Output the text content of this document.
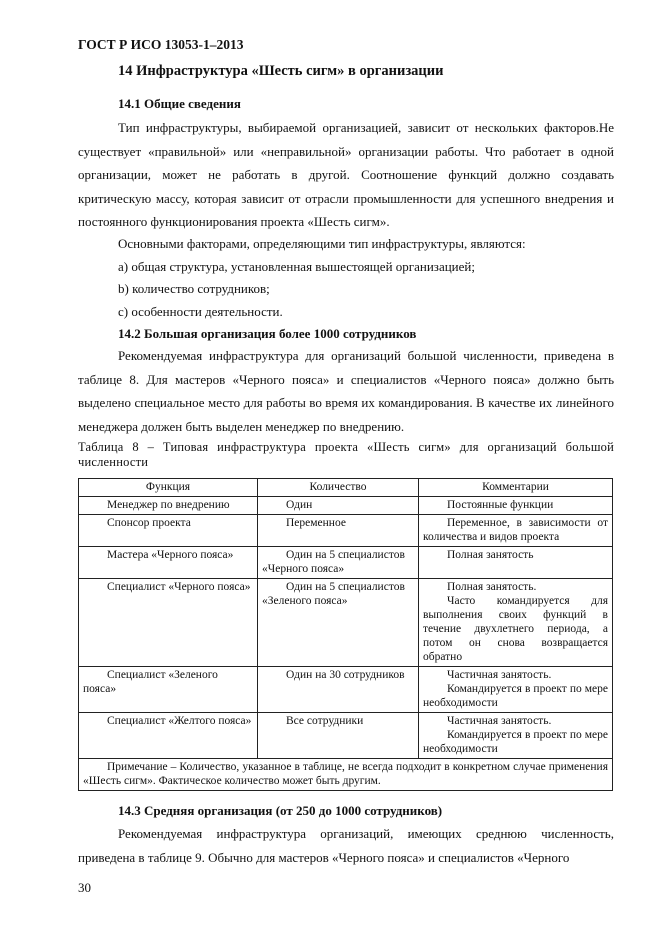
ГОСТ Р ИСО 13053-1–2013
14 Инфраструктура «Шесть сигм» в организации
14.1 Общие сведения
Тип инфраструктуры, выбираемой организацией, зависит от нескольких факторов.Не существует «правильной» или «неправильной» организации работы. Что работает в одной организации, может не работать в другой. Соотношение функций должно создавать критическую массу, которая зависит от отрасли промышленности для успешного внедрения и постоянного функционирования проекта «Шесть сигм».
Основными факторами, определяющими тип инфраструктуры, являются:
а) общая структура, установленная вышестоящей организацией;
b) количество сотрудников;
с) особенности деятельности.
14.2 Большая организация более 1000 сотрудников
Рекомендуемая инфраструктура для организаций большой численности, приведена в таблице 8. Для мастеров «Черного пояса» и специалистов «Черного пояса» должно быть выделено специальное место для работы во время их командирования. В качестве их линейного менеджера должен быть выделен менеджер по внедрению.
Таблица 8 – Типовая инфраструктура проекта «Шесть сигм» для организаций большой численности
Функция	Количество	Комментарии
Менеджер по внедрению	Один	Постоянные функции

Спонсор проекта	Переменное	Переменное, в зависимости от количества и видов проекта

Мастера «Черного пояса»	Один на 5 специалистов «Черного пояса»	Полная занятость

Специалист «Черного пояса»	Один на 5 специалистов «Зеленого пояса»	Полная занятость.
Часто командируется для выполнения своих функций в течение двухлетнего периода, а потом он снова возвращается обратно

Специалист «Зеленого пояса»	Один на 30 сотрудников	Частичная занятость.
Командируется в проект по мере необходимости

Специалист «Желтого пояса»	Все сотрудники	Частичная занятость.
Командируется в проект по мере необходимости

Примечание – Количество, указанное в таблице, не всегда подходит в конкретном случае применения «Шесть сигм». Фактическое количество может быть другим.		
14.3 Средняя организация (от 250 до 1000 сотрудников)
Рекомендуемая инфраструктура организаций, имеющих среднюю численность, приведена в таблице 9. Обычно для мастеров «Черного пояса» и специалистов «Черного
30
